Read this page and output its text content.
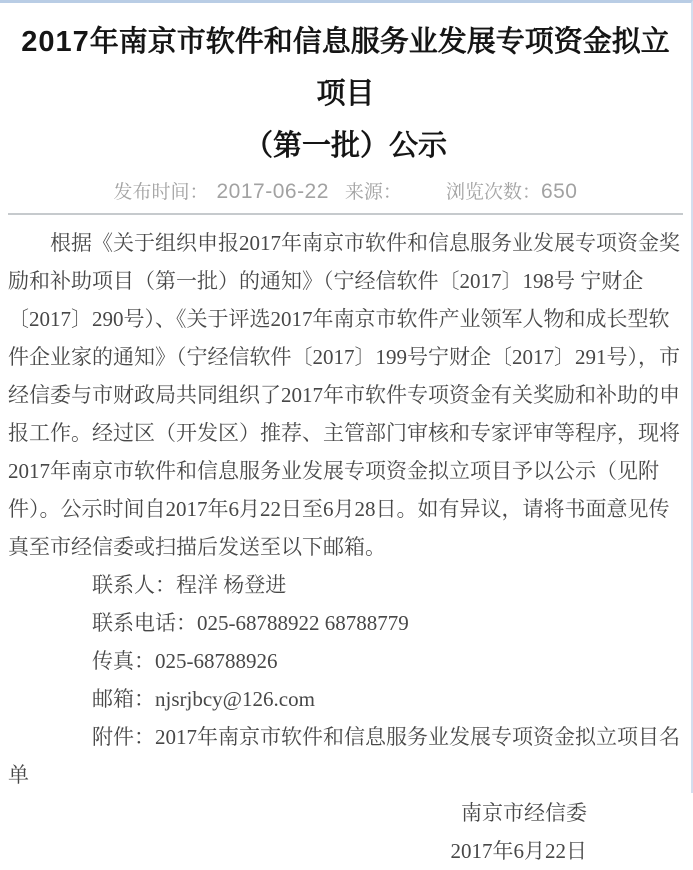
2017年南京市软件和信息服务业发展专项资金拟立项目
（第一批）公示
发布时间： 2017-06-22 来源： 浏览次数：650

根据《关于组织申报2017年南京市软件和信息服务业发展专项资金奖励和补助项目（第一批）的通知》（宁经信软件〔2017〕198号 宁财企〔2017〕290号）、《关于评选2017年南京市软件产业领军人物和成长型软件企业家的通知》（宁经信软件〔2017〕199号宁财企〔2017〕291号），市经信委与市财政局共同组织了2017年市软件专项资金有关奖励和补助的申报工作。经过区（开发区）推荐、主管部门审核和专家评审等程序，现将2017年南京市软件和信息服务业发展专项资金拟立项目予以公示（见附件）。公示时间自2017年6月22日至6月28日。如有异议，请将书面意见传真至市经信委或扫描后发送至以下邮箱。

联系人：程洋 杨登进

联系电话：025-68788922 68788779

传真：025-68788926

邮箱：njsrjbcy@126.com

附件：2017年南京市软件和信息服务业发展专项资金拟立项目名单

南京市经信委

2017年6月22日
